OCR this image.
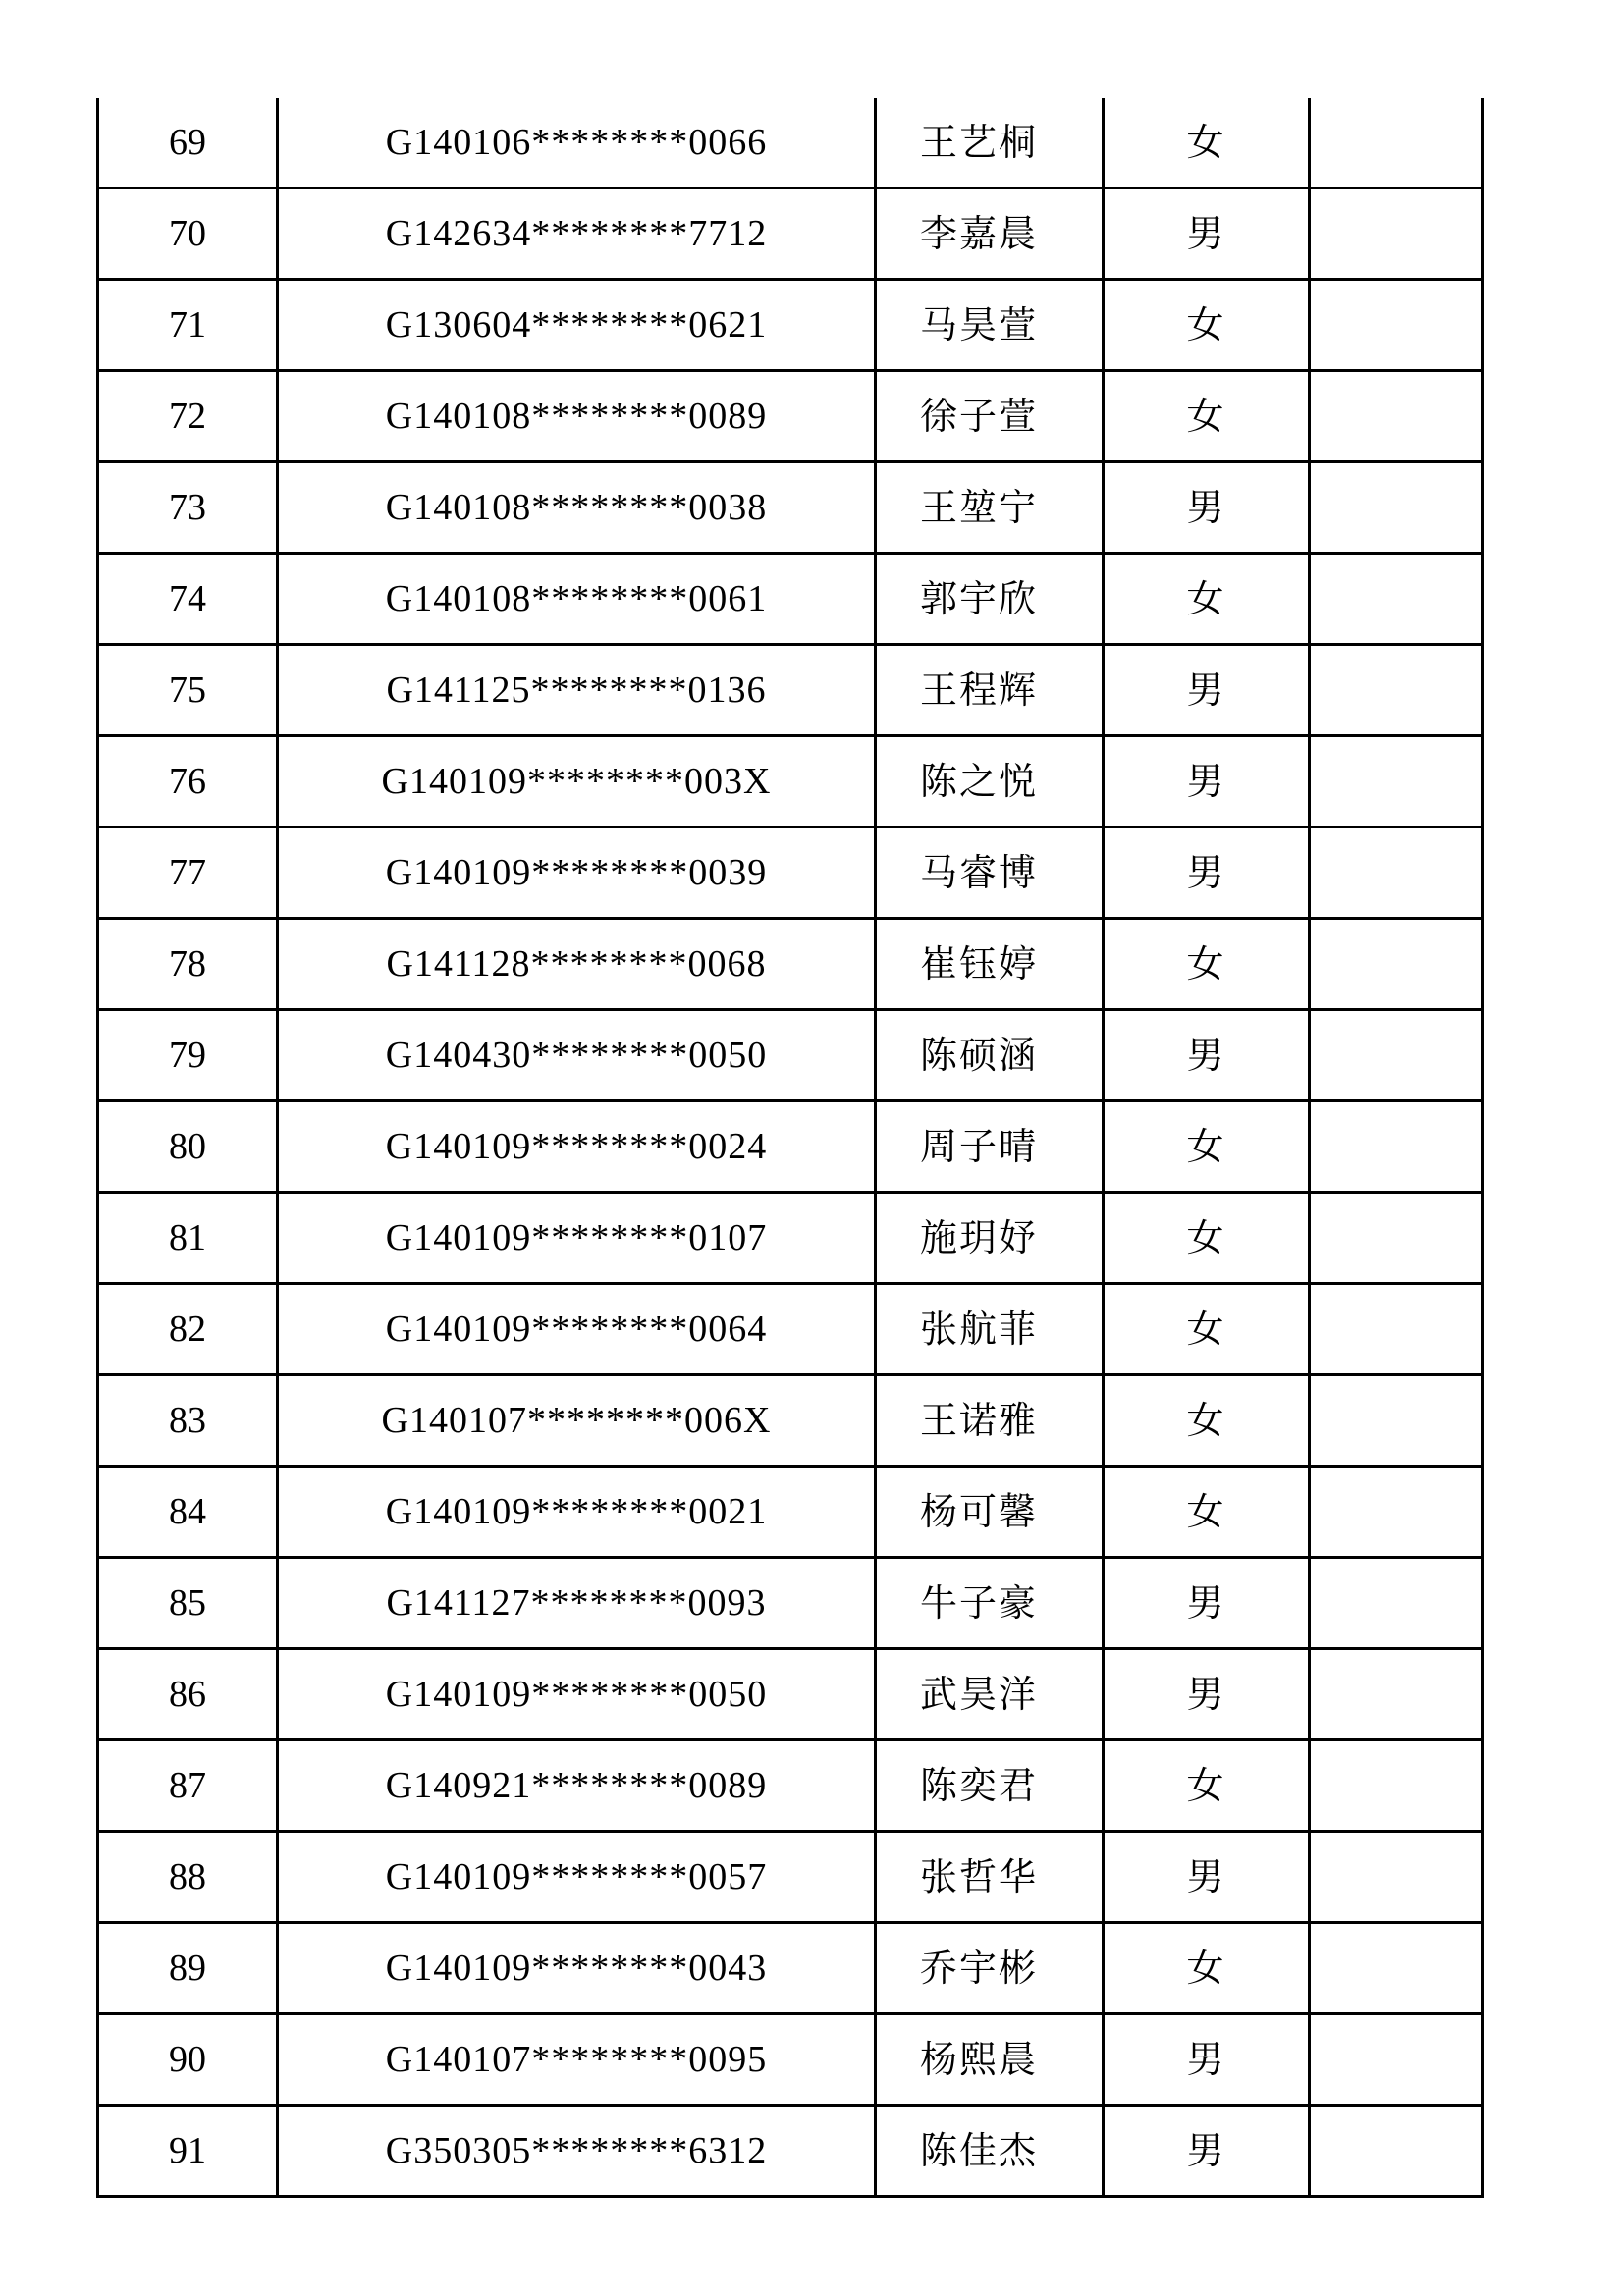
69	G140106********0066	王艺桐	女	
70	G142634********7712	李嘉晨	男	
71	G130604********0621	马昊萱	女	
72	G140108********0089	徐子萱	女	
73	G140108********0038	王堃宁	男	
74	G140108********0061	郭宇欣	女	
75	G141125********0136	王程辉	男	
76	G140109********003X	陈之悦	男	
77	G140109********0039	马睿博	男	
78	G141128********0068	崔钰婷	女	
79	G140430********0050	陈硕涵	男	
80	G140109********0024	周子晴	女	
81	G140109********0107	施玥妤	女	
82	G140109********0064	张航菲	女	
83	G140107********006X	王诺雅	女	
84	G140109********0021	杨可馨	女	
85	G141127********0093	牛子豪	男	
86	G140109********0050	武昊洋	男	
87	G140921********0089	陈奕君	女	
88	G140109********0057	张哲华	男	
89	G140109********0043	乔宇彬	女	
90	G140107********0095	杨熙晨	男	
91	G350305********6312	陈佳杰	男	
